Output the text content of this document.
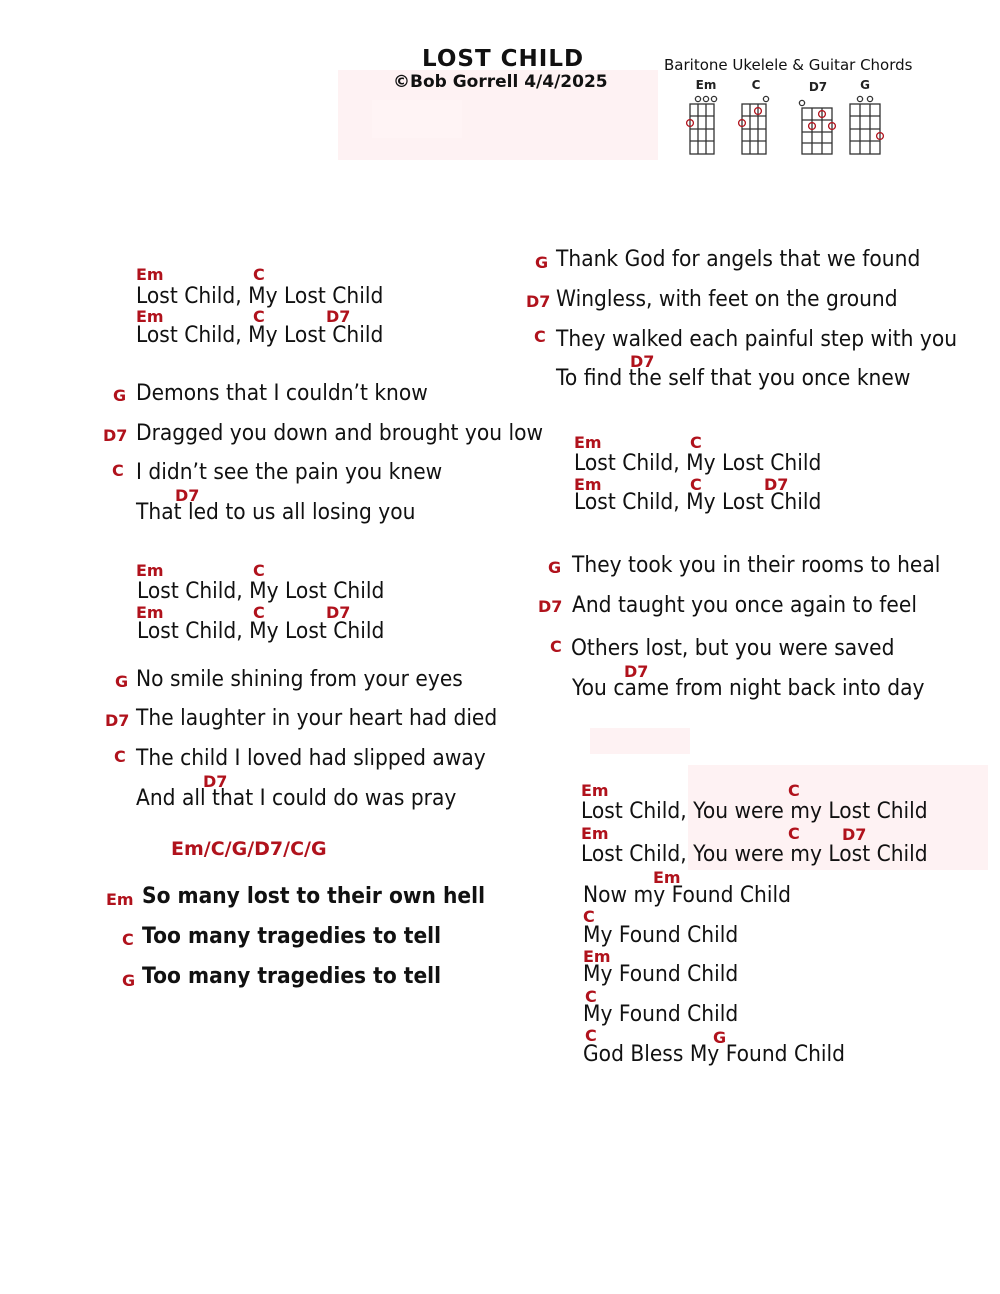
LOST CHILD
©Bob Gorrell 4/4/2025
Baritone Ukelele & Guitar Chords
Em	C	D7	G
Em	C
Lost Child, My Lost Child
Em	C	D7
Lost Child, My Lost Child
G Demons that I couldn’t know
D7 Dragged you down and brought you low
C I didn’t see the pain you knew
D7
That led to us all losing you
Em	C
Lost Child, My Lost Child
Em	C	D7
Lost Child, My Lost Child
G No smile shining from your eyes
D7 The laughter in your heart had died
C The child I loved had slipped away
D7
And all that I could do was pray
Em/C/G/D7/C/G
Em So many lost to their own hell
C Too many tragedies to tell
G Too many tragedies to tell
G Thank God for angels that we found
D7 Wingless, with feet on the ground
C They walked each painful step with you
D7
To find the self that you once knew
Em	C
Lost Child, My Lost Child
Em	C	D7
Lost Child, My Lost Child
G They took you in their rooms to heal
D7 And taught you once again to feel
C Others lost, but you were saved
D7
You came from night back into day
Em	C
Lost Child, You were my Lost Child
Em	C	D7
Lost Child, You were my Lost Child
Em
Now my Found Child
C
My Found Child
Em
My Found Child
C
My Found Child
C	G
God Bless My Found Child
